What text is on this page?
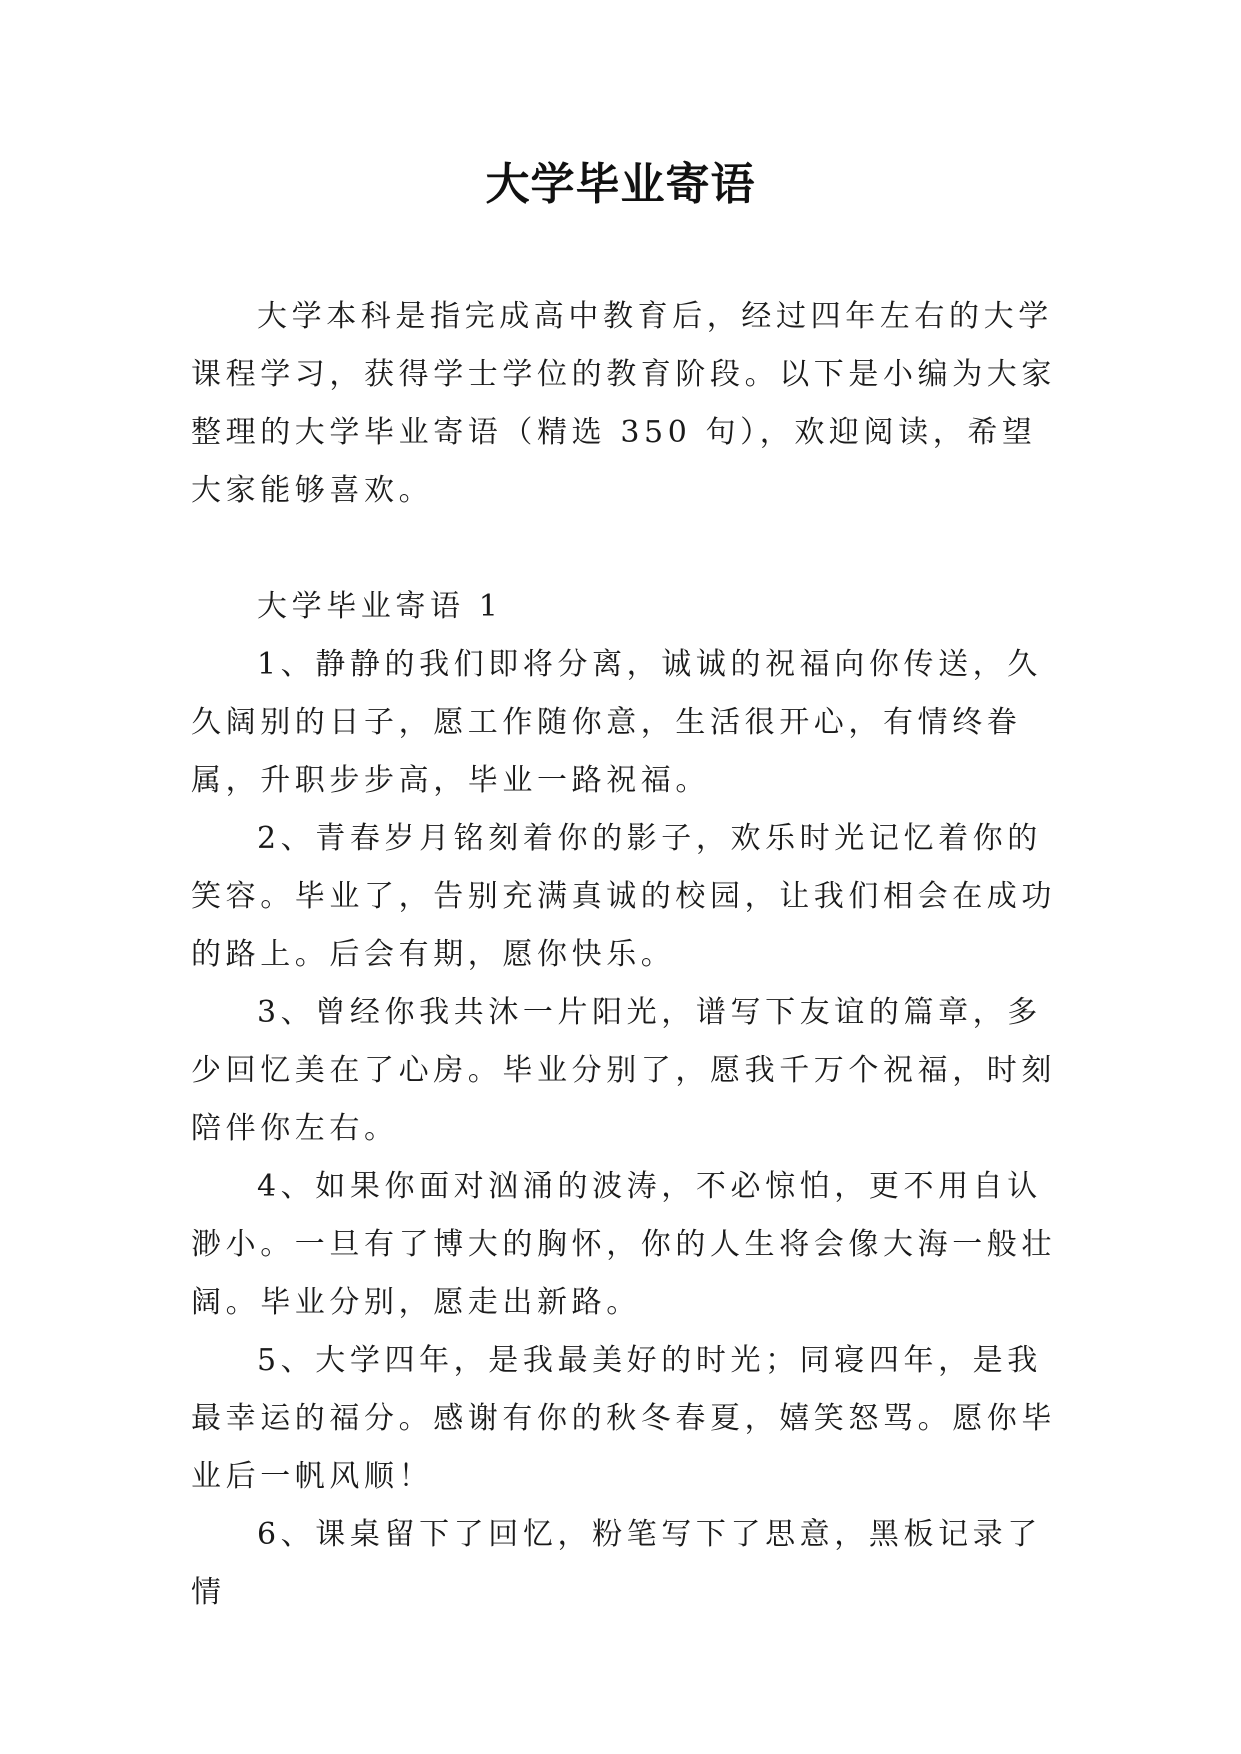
大学毕业寄语

大学本科是指完成高中教育后，经过四年左右的大学课程学习，获得学士学位的教育阶段。以下是小编为大家整理的大学毕业寄语（精选 350 句），欢迎阅读，希望大家能够喜欢。

大学毕业寄语 1

1、静静的我们即将分离，诚诚的祝福向你传送，久久阔别的日子，愿工作随你意，生活很开心，有情终眷属，升职步步高，毕业一路祝福。

2、青春岁月铭刻着你的影子，欢乐时光记忆着你的笑容。毕业了，告别充满真诚的校园，让我们相会在成功的路上。后会有期，愿你快乐。

3、曾经你我共沐一片阳光，谱写下友谊的篇章，多少回忆美在了心房。毕业分别了，愿我千万个祝福，时刻陪伴你左右。

4、如果你面对汹涌的波涛，不必惊怕，更不用自认渺小。一旦有了博大的胸怀，你的人生将会像大海一般壮阔。毕业分别，愿走出新路。

5、大学四年，是我最美好的时光；同寝四年，是我最幸运的福分。感谢有你的秋冬春夏，嬉笑怒骂。愿你毕业后一帆风顺！

6、课桌留下了回忆，粉笔写下了思意，黑板记录了情
